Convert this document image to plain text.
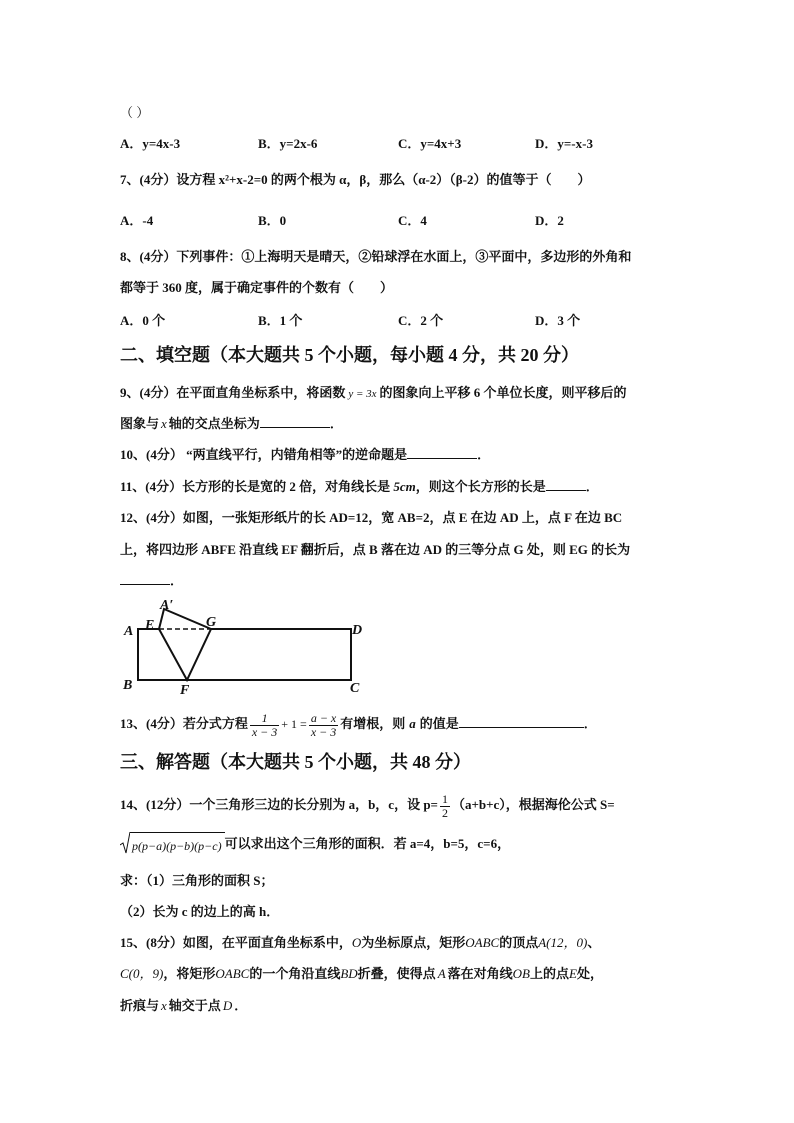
（ ）
A．y=4x-3	B．y=2x-6	C．y=4x+3	D．y=-x-3
7、(4分）设方程 x²+x-2=0 的两个根为 α，β，那么（α-2）（β-2）的值等于（　　）
A．-4	B．0	C．4	D．2
8、(4分）下列事件：①上海明天是晴天，②铅球浮在水面上，③平面中，多边形的外角和
都等于 360 度，属于确定事件的个数有（　　）
A．0 个	B．1 个	C．2 个	D．3 个
二、填空题（本大题共 5 个小题，每小题 4 分，共 20 分）
9、(4分）在平面直角坐标系中，将函数 y = 3x 的图象向上平移 6 个单位长度，则平移后的
图象与 x 轴的交点坐标为	．
10、(4分） “两直线平行，内错角相等”的逆命题是	．
11、(4分）长方形的长是宽的 2 倍，对角线长是 5cm，则这个长方形的长是	．
12、(4分）如图，一张矩形纸片的长 AD=12，宽 AB=2，点 E 在边 AD 上，点 F 在边 BC
上，将四边形 ABFE 沿直线 EF 翻折后，点 B 落在边 AD 的三等分点 G 处，则 EG 的长为
．
A′
A E	G
D
B	F	C
13、(4分）若分式方程 $\frac{1}{x - 3} + 1 = \frac{a - x}{x - 3}$ 有增根，则 a 的值是	．
三、解答题（本大题共 5 个小题，共 48 分）
14、(12分）一个三角形三边的长分别为 a，b，c，设 $p= \frac{1}{2} (a+b+c)$，根据海伦公式 S=
p(p−a)(p−b)(p−c) 可以求出这个三角形的面积．若 a=4，b=5，c=6，
求：（1）三角形的面积 S；
（2）长为 c 的边上的高 h．
15、(8分）如图，在平面直角坐标系中，O为坐标原点，矩形OABC的顶点A(12，0)、
C(0，9)，将矩形OABC的一个角沿直线BD折叠，使得点 A 落在对角线OB上的点E处，
折痕与 x 轴交于点 D ．
